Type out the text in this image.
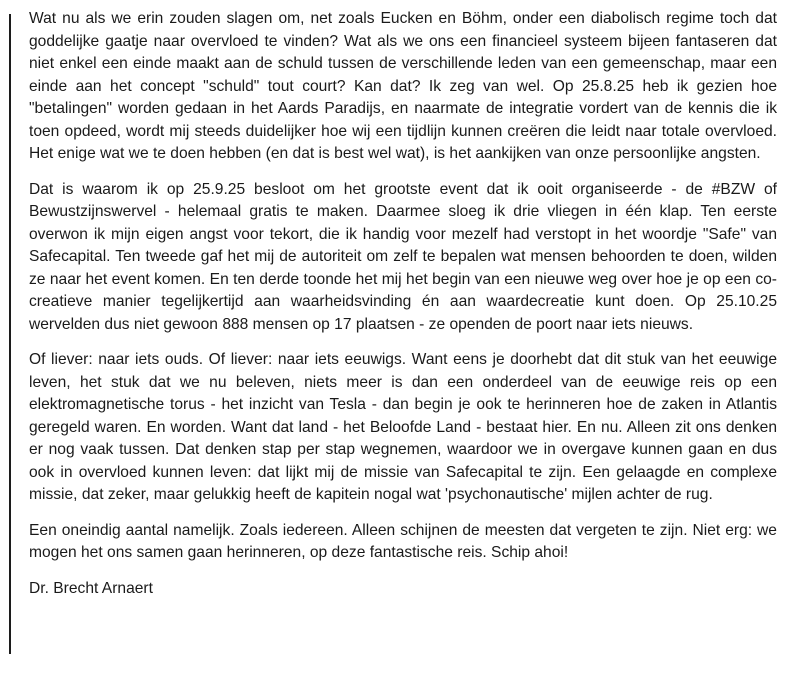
Wat nu als we erin zouden slagen om, net zoals Eucken en Böhm, onder een diabolisch regime toch dat goddelijke gaatje naar overvloed te vinden? Wat als we ons een financieel systeem bijeen fantaseren dat niet enkel een einde maakt aan de schuld tussen de verschillende leden van een gemeenschap, maar een einde aan het concept "schuld" tout court? Kan dat? Ik zeg van wel. Op 25.8.25 heb ik gezien hoe "betalingen" worden gedaan in het Aards Paradijs, en naarmate de integratie vordert van de kennis die ik toen opdeed, wordt mij steeds duidelijker hoe wij een tijdlijn kunnen creëren die leidt naar totale overvloed. Het enige wat we te doen hebben (en dat is best wel wat), is het aankijken van onze persoonlijke angsten.

Dat is waarom ik op 25.9.25 besloot om het grootste event dat ik ooit organiseerde - de #BZW of Bewustzijnswervel - helemaal gratis te maken. Daarmee sloeg ik drie vliegen in één klap. Ten eerste overwon ik mijn eigen angst voor tekort, die ik handig voor mezelf had verstopt in het woordje "Safe" van Safecapital. Ten tweede gaf het mij de autoriteit om zelf te bepalen wat mensen behoorden te doen, wilden ze naar het event komen. En ten derde toonde het mij het begin van een nieuwe weg over hoe je op een co-creatieve manier tegelijkertijd aan waarheidsvinding én aan waardecreatie kunt doen. Op 25.10.25 wervelden dus niet gewoon 888 mensen op 17 plaatsen - ze openden de poort naar iets nieuws.

Of liever: naar iets ouds. Of liever: naar iets eeuwigs. Want eens je doorhebt dat dit stuk van het eeuwige leven, het stuk dat we nu beleven, niets meer is dan een onderdeel van de eeuwige reis op een elektromagnetische torus - het inzicht van Tesla - dan begin je ook te herinneren hoe de zaken in Atlantis geregeld waren. En worden. Want dat land - het Beloofde Land - bestaat hier. En nu. Alleen zit ons denken er nog vaak tussen. Dat denken stap per stap wegnemen, waardoor we in overgave kunnen gaan en dus ook in overvloed kunnen leven: dat lijkt mij de missie van Safecapital te zijn. Een gelaagde en complexe missie, dat zeker, maar gelukkig heeft de kapitein nogal wat 'psychonautische' mijlen achter de rug.

Een oneindig aantal namelijk. Zoals iedereen. Alleen schijnen de meesten dat vergeten te zijn. Niet erg: we mogen het ons samen gaan herinneren, op deze fantastische reis. Schip ahoi!

Dr. Brecht Arnaert
